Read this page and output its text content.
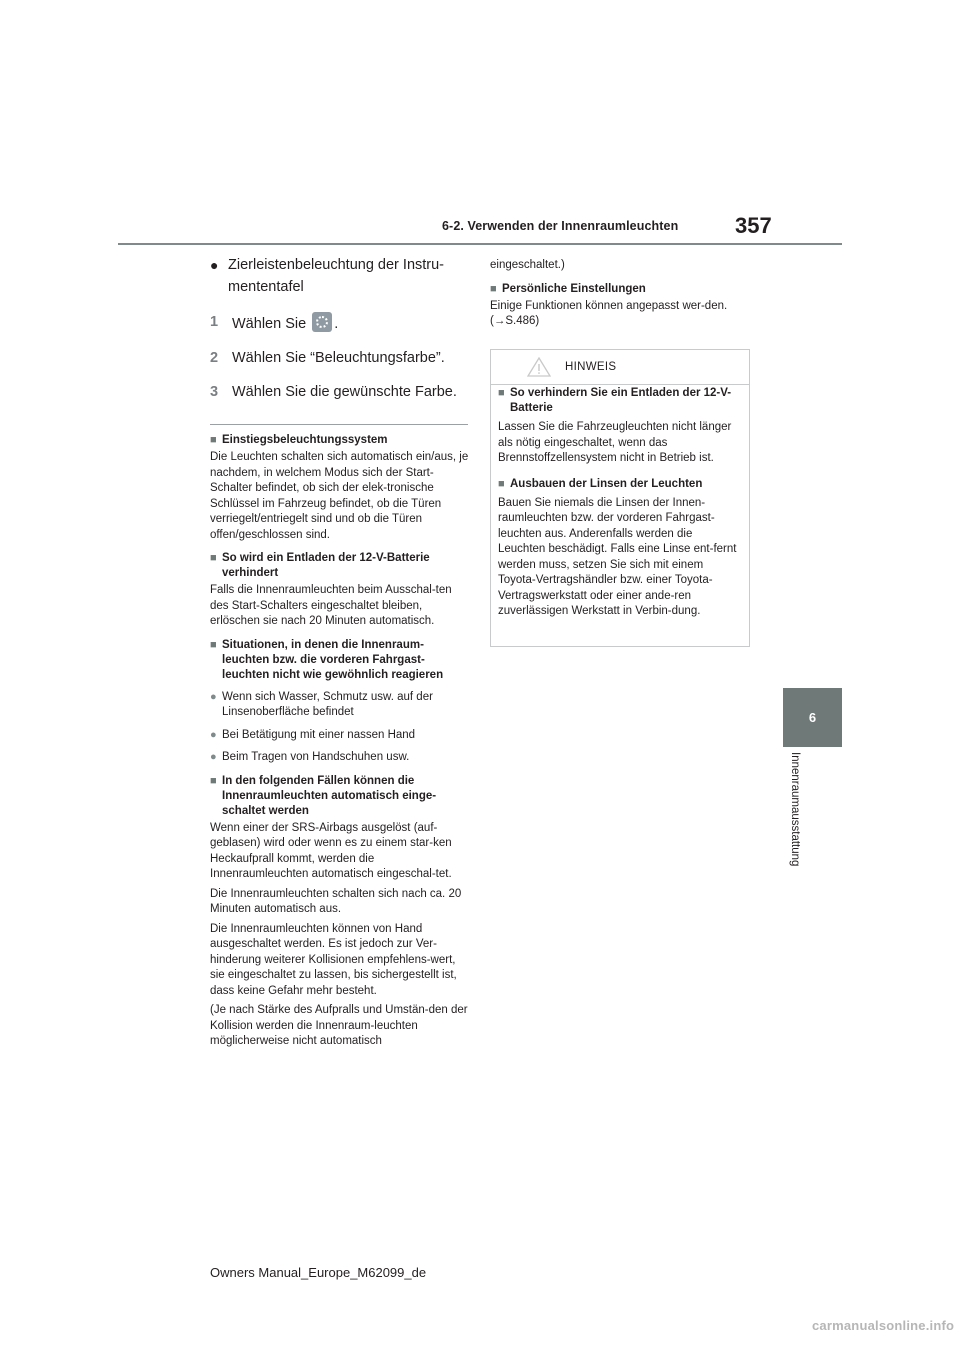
6-2. Verwenden der Innenraumleuchten	357
6
Innenraumausstattung
● Zierleistenbeleuchtung der Instru-mententafel
1 Wählen Sie .
2 Wählen Sie “Beleuchtungsfarbe”.
3 Wählen Sie die gewünschte Farbe.
■ Einstiegsbeleuchtungssystem
Die Leuchten schalten sich automatisch ein/aus, je nachdem, in welchem Modus sich der Start-Schalter befindet, ob sich der elek-tronische Schlüssel im Fahrzeug befindet, ob die Türen verriegelt/entriegelt sind und ob die Türen offen/geschlossen sind.
■ So wird ein Entladen der 12-V-Batterie verhindert
Falls die Innenraumleuchten beim Ausschal-ten des Start-Schalters eingeschaltet bleiben, erlöschen sie nach 20 Minuten automatisch.
■ Situationen, in denen die Innenraum-leuchten bzw. die vorderen Fahrgast-leuchten nicht wie gewöhnlich reagieren
● Wenn sich Wasser, Schmutz usw. auf der Linsenoberfläche befindet
● Bei Betätigung mit einer nassen Hand
● Beim Tragen von Handschuhen usw.
■ In den folgenden Fällen können die Innenraumleuchten automatisch einge-schaltet werden
Wenn einer der SRS-Airbags ausgelöst (auf-geblasen) wird oder wenn es zu einem star-ken Heckaufprall kommt, werden die Innenraumleuchten automatisch eingeschal-tet.
Die Innenraumleuchten schalten sich nach ca. 20 Minuten automatisch aus.
Die Innenraumleuchten können von Hand ausgeschaltet werden. Es ist jedoch zur Ver-hinderung weiterer Kollisionen empfehlens-wert, sie eingeschaltet zu lassen, bis sichergestellt ist, dass keine Gefahr mehr besteht.
(Je nach Stärke des Aufpralls und Umstän-den der Kollision werden die Innenraum-leuchten möglicherweise nicht automatisch
eingeschaltet.)
■ Persönliche Einstellungen
Einige Funktionen können angepasst wer-den. (→S.486)
HINWEIS
■ So verhindern Sie ein Entladen der 12-V-Batterie
Lassen Sie die Fahrzeugleuchten nicht länger als nötig eingeschaltet, wenn das Brennstoffzellensystem nicht in Betrieb ist.
■ Ausbauen der Linsen der Leuchten
Bauen Sie niemals die Linsen der Innen-raumleuchten bzw. der vorderen Fahrgast-leuchten aus. Anderenfalls werden die Leuchten beschädigt. Falls eine Linse ent-fernt werden muss, setzen Sie sich mit einem Toyota-Vertragshändler bzw. einer Toyota-Vertragswerkstatt oder einer ande-ren zuverlässigen Werkstatt in Verbin-dung.
Owners Manual_Europe_M62099_de
carmanualsonline.info
